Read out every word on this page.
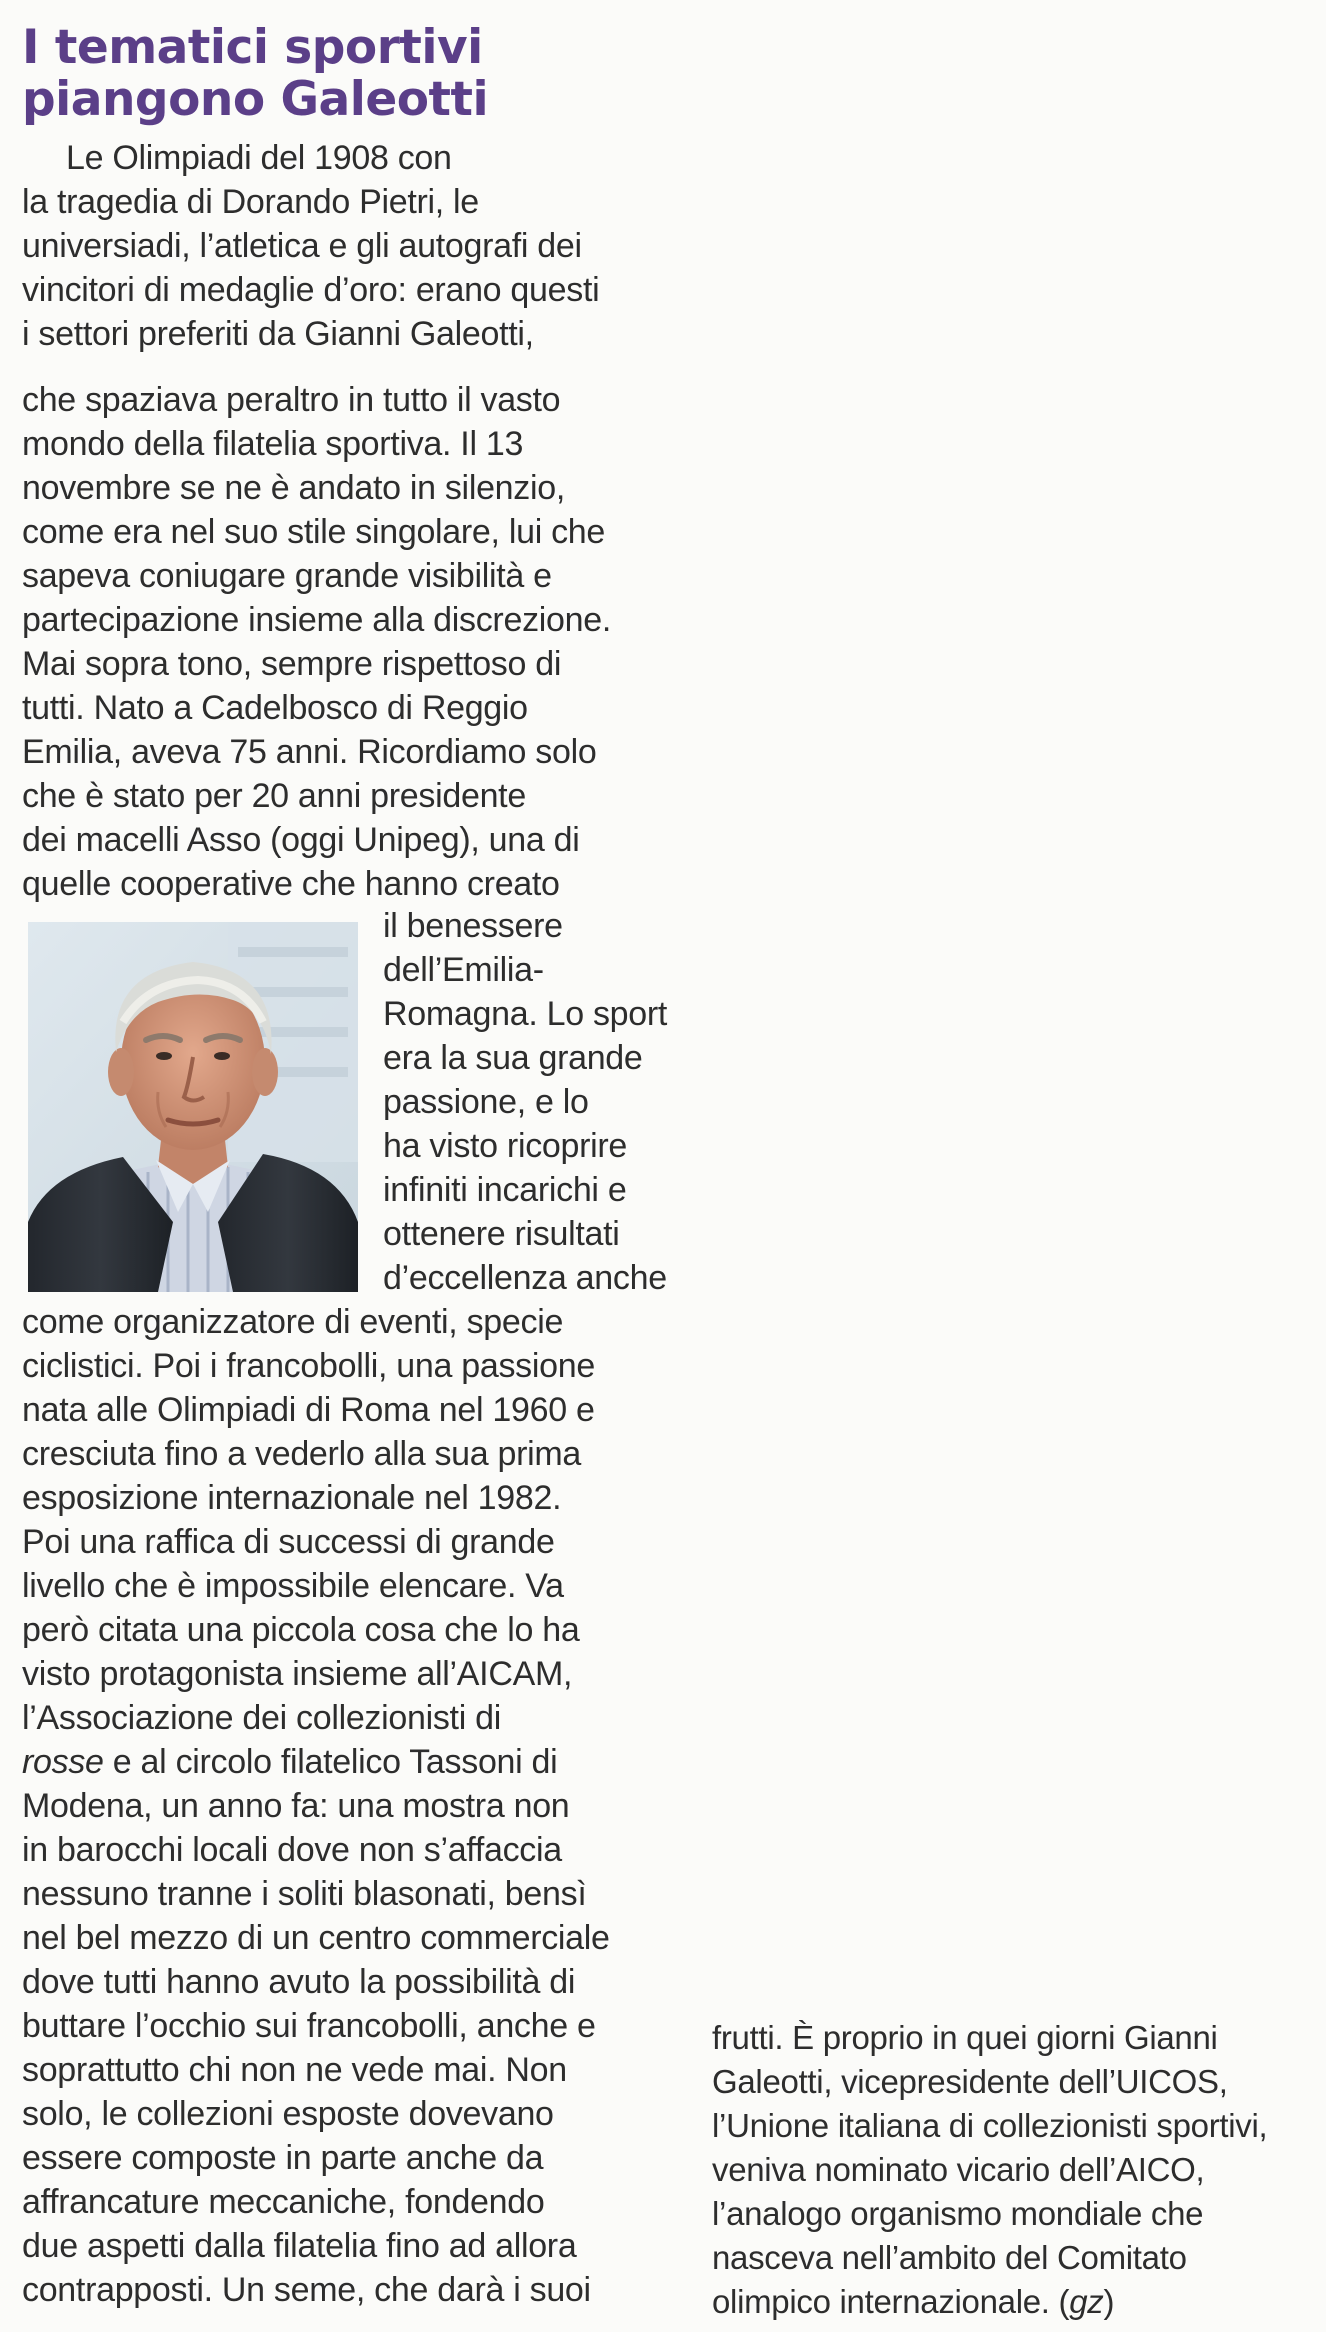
I tematici sportivi
piangono Galeotti
Le Olimpiadi del 1908 con
la tragedia di Dorando Pietri, le
universiadi, l’atletica e gli autografi dei
vincitori di medaglie d’oro: erano questi
i settori preferiti da Gianni Galeotti,
che spaziava peraltro in tutto il vasto
mondo della filatelia sportiva. Il 13
novembre se ne è andato in silenzio,
come era nel suo stile singolare, lui che
sapeva coniugare grande visibilità e
partecipazione insieme alla discrezione.
Mai sopra tono, sempre rispettoso di
tutti. Nato a Cadelbosco di Reggio
Emilia, aveva 75 anni. Ricordiamo solo
che è stato per 20 anni presidente
dei macelli Asso (oggi Unipeg), una di
quelle cooperative che hanno creato
il benessere
dell’Emilia-
Romagna. Lo sport
era la sua grande
passione, e lo
ha visto ricoprire
infiniti incarichi e
ottenere risultati
d’eccellenza anche
come organizzatore di eventi, specie
ciclistici. Poi i francobolli, una passione
nata alle Olimpiadi di Roma nel 1960 e
cresciuta fino a vederlo alla sua prima
esposizione internazionale nel 1982.
Poi una raffica di successi di grande
livello che è impossibile elencare. Va
però citata una piccola cosa che lo ha
visto protagonista insieme all’AICAM,
l’Associazione dei collezionisti di
rosse e al circolo filatelico Tassoni di
Modena, un anno fa: una mostra non
in barocchi locali dove non s’affaccia
nessuno tranne i soliti blasonati, bensì
nel bel mezzo di un centro commerciale
dove tutti hanno avuto la possibilità di
buttare l’occhio sui francobolli, anche e
soprattutto chi non ne vede mai. Non
solo, le collezioni esposte dovevano
essere composte in parte anche da
affrancature meccaniche, fondendo
due aspetti dalla filatelia fino ad allora
contrapposti. Un seme, che darà i suoi
frutti. È proprio in quei giorni Gianni
Galeotti, vicepresidente dell’UICOS,
l’Unione italiana di collezionisti sportivi,
veniva nominato vicario dell’AICO,
l’analogo organismo mondiale che
nasceva nell’ambito del Comitato
olimpico internazionale. (gz)
